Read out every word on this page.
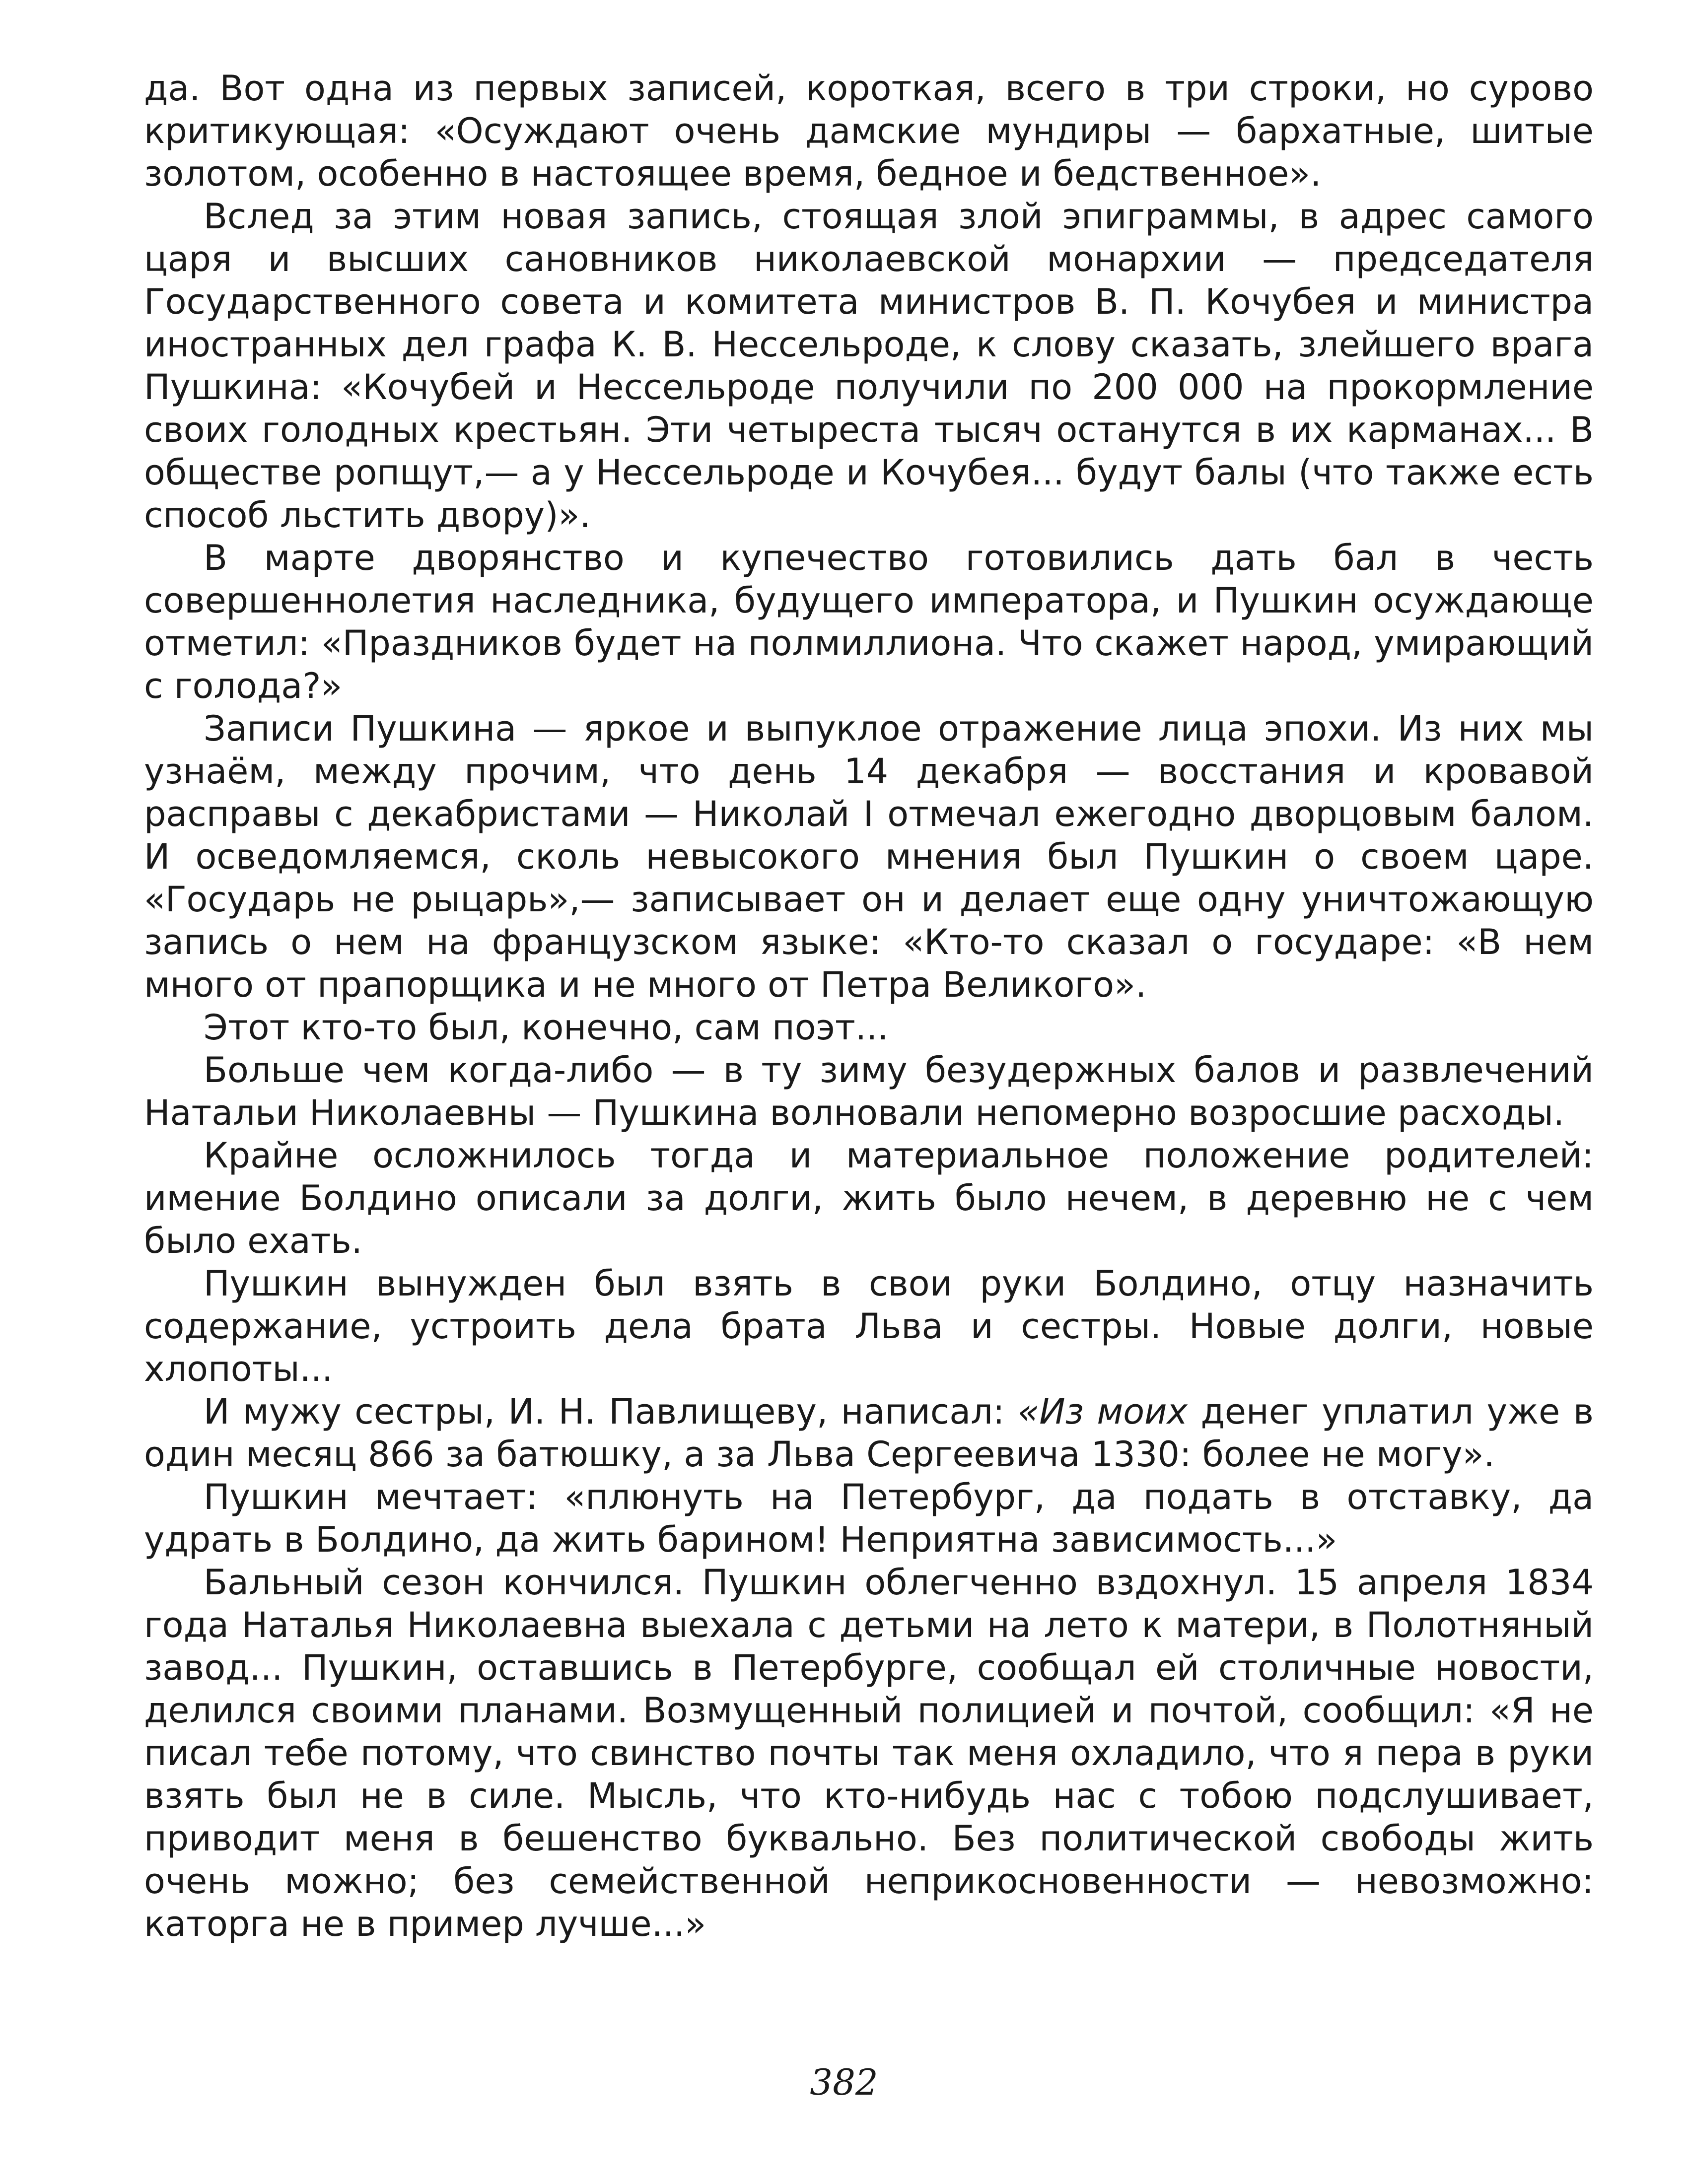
да. Вот одна из первых записей, короткая, всего в три строки, но сурово критикующая: «Осуждают очень дамские мундиры — бархатные, шитые золотом, особенно в настоящее время, бедное и бедственное».

Вслед за этим новая запись, стоящая злой эпиграммы, в адрес самого царя и высших сановников николаевской монархии — председателя Государственного совета и комитета министров В. П. Кочубея и министра иностранных дел графа К. В. Нессельроде, к слову сказать, злейшего врага Пушкина: «Кочубей и Нессельроде получили по 200 000 на прокормление своих голодных крестьян. Эти четыреста тысяч останутся в их карманах... В обществе ропщут,— а у Нессельроде и Кочубея... будут балы (что также есть способ льстить двору)».

В марте дворянство и купечество готовились дать бал в честь совершеннолетия наследника, будущего императора, и Пушкин осуждающе отметил: «Праздников будет на полмиллиона. Что скажет народ, умирающий с голода?»

Записи Пушкина — яркое и выпуклое отражение лица эпохи. Из них мы узнаём, между прочим, что день 14 декабря — восстания и кровавой расправы с декабристами — Николай I отмечал ежегодно дворцовым балом. И осведомляемся, сколь невысокого мнения был Пушкин о своем царе. «Государь не рыцарь»,— записывает он и делает еще одну уничтожающую запись о нем на французском языке: «Кто-то сказал о государе: «В нем много от прапорщика и не много от Петра Великого».

Этот кто-то был, конечно, сам поэт...

Больше чем когда-либо — в ту зиму безудержных балов и развлечений Натальи Николаевны — Пушкина волновали непомерно возросшие расходы.

Крайне осложнилось тогда и материальное положение родителей: имение Болдино описали за долги, жить было нечем, в деревню не с чем было ехать.

Пушкин вынужден был взять в свои руки Болдино, отцу назначить содержание, устроить дела брата Льва и сестры. Новые долги, новые хлопоты...

И мужу сестры, И. Н. Павлищеву, написал: «Из моих денег уплатил уже в один месяц 866 за батюшку, а за Льва Сергеевича 1330: более не могу».

Пушкин мечтает: «плюнуть на Петербург, да подать в отставку, да удрать в Болдино, да жить барином! Неприятна зависимость...»

Бальный сезон кончился. Пушкин облегченно вздохнул. 15 апреля 1834 года Наталья Николаевна выехала с детьми на лето к матери, в Полотняный завод... Пушкин, оставшись в Петербурге, сообщал ей столичные новости, делился своими планами. Возмущенный полицией и почтой, сообщил: «Я не писал тебе потому, что свинство почты так меня охладило, что я пера в руки взять был не в силе. Мысль, что кто-нибудь нас с тобою подслушивает, приводит меня в бешенство буквально. Без политической свободы жить очень можно; без семейственной неприкосновенности — невозможно: каторга не в пример лучше...»

382
